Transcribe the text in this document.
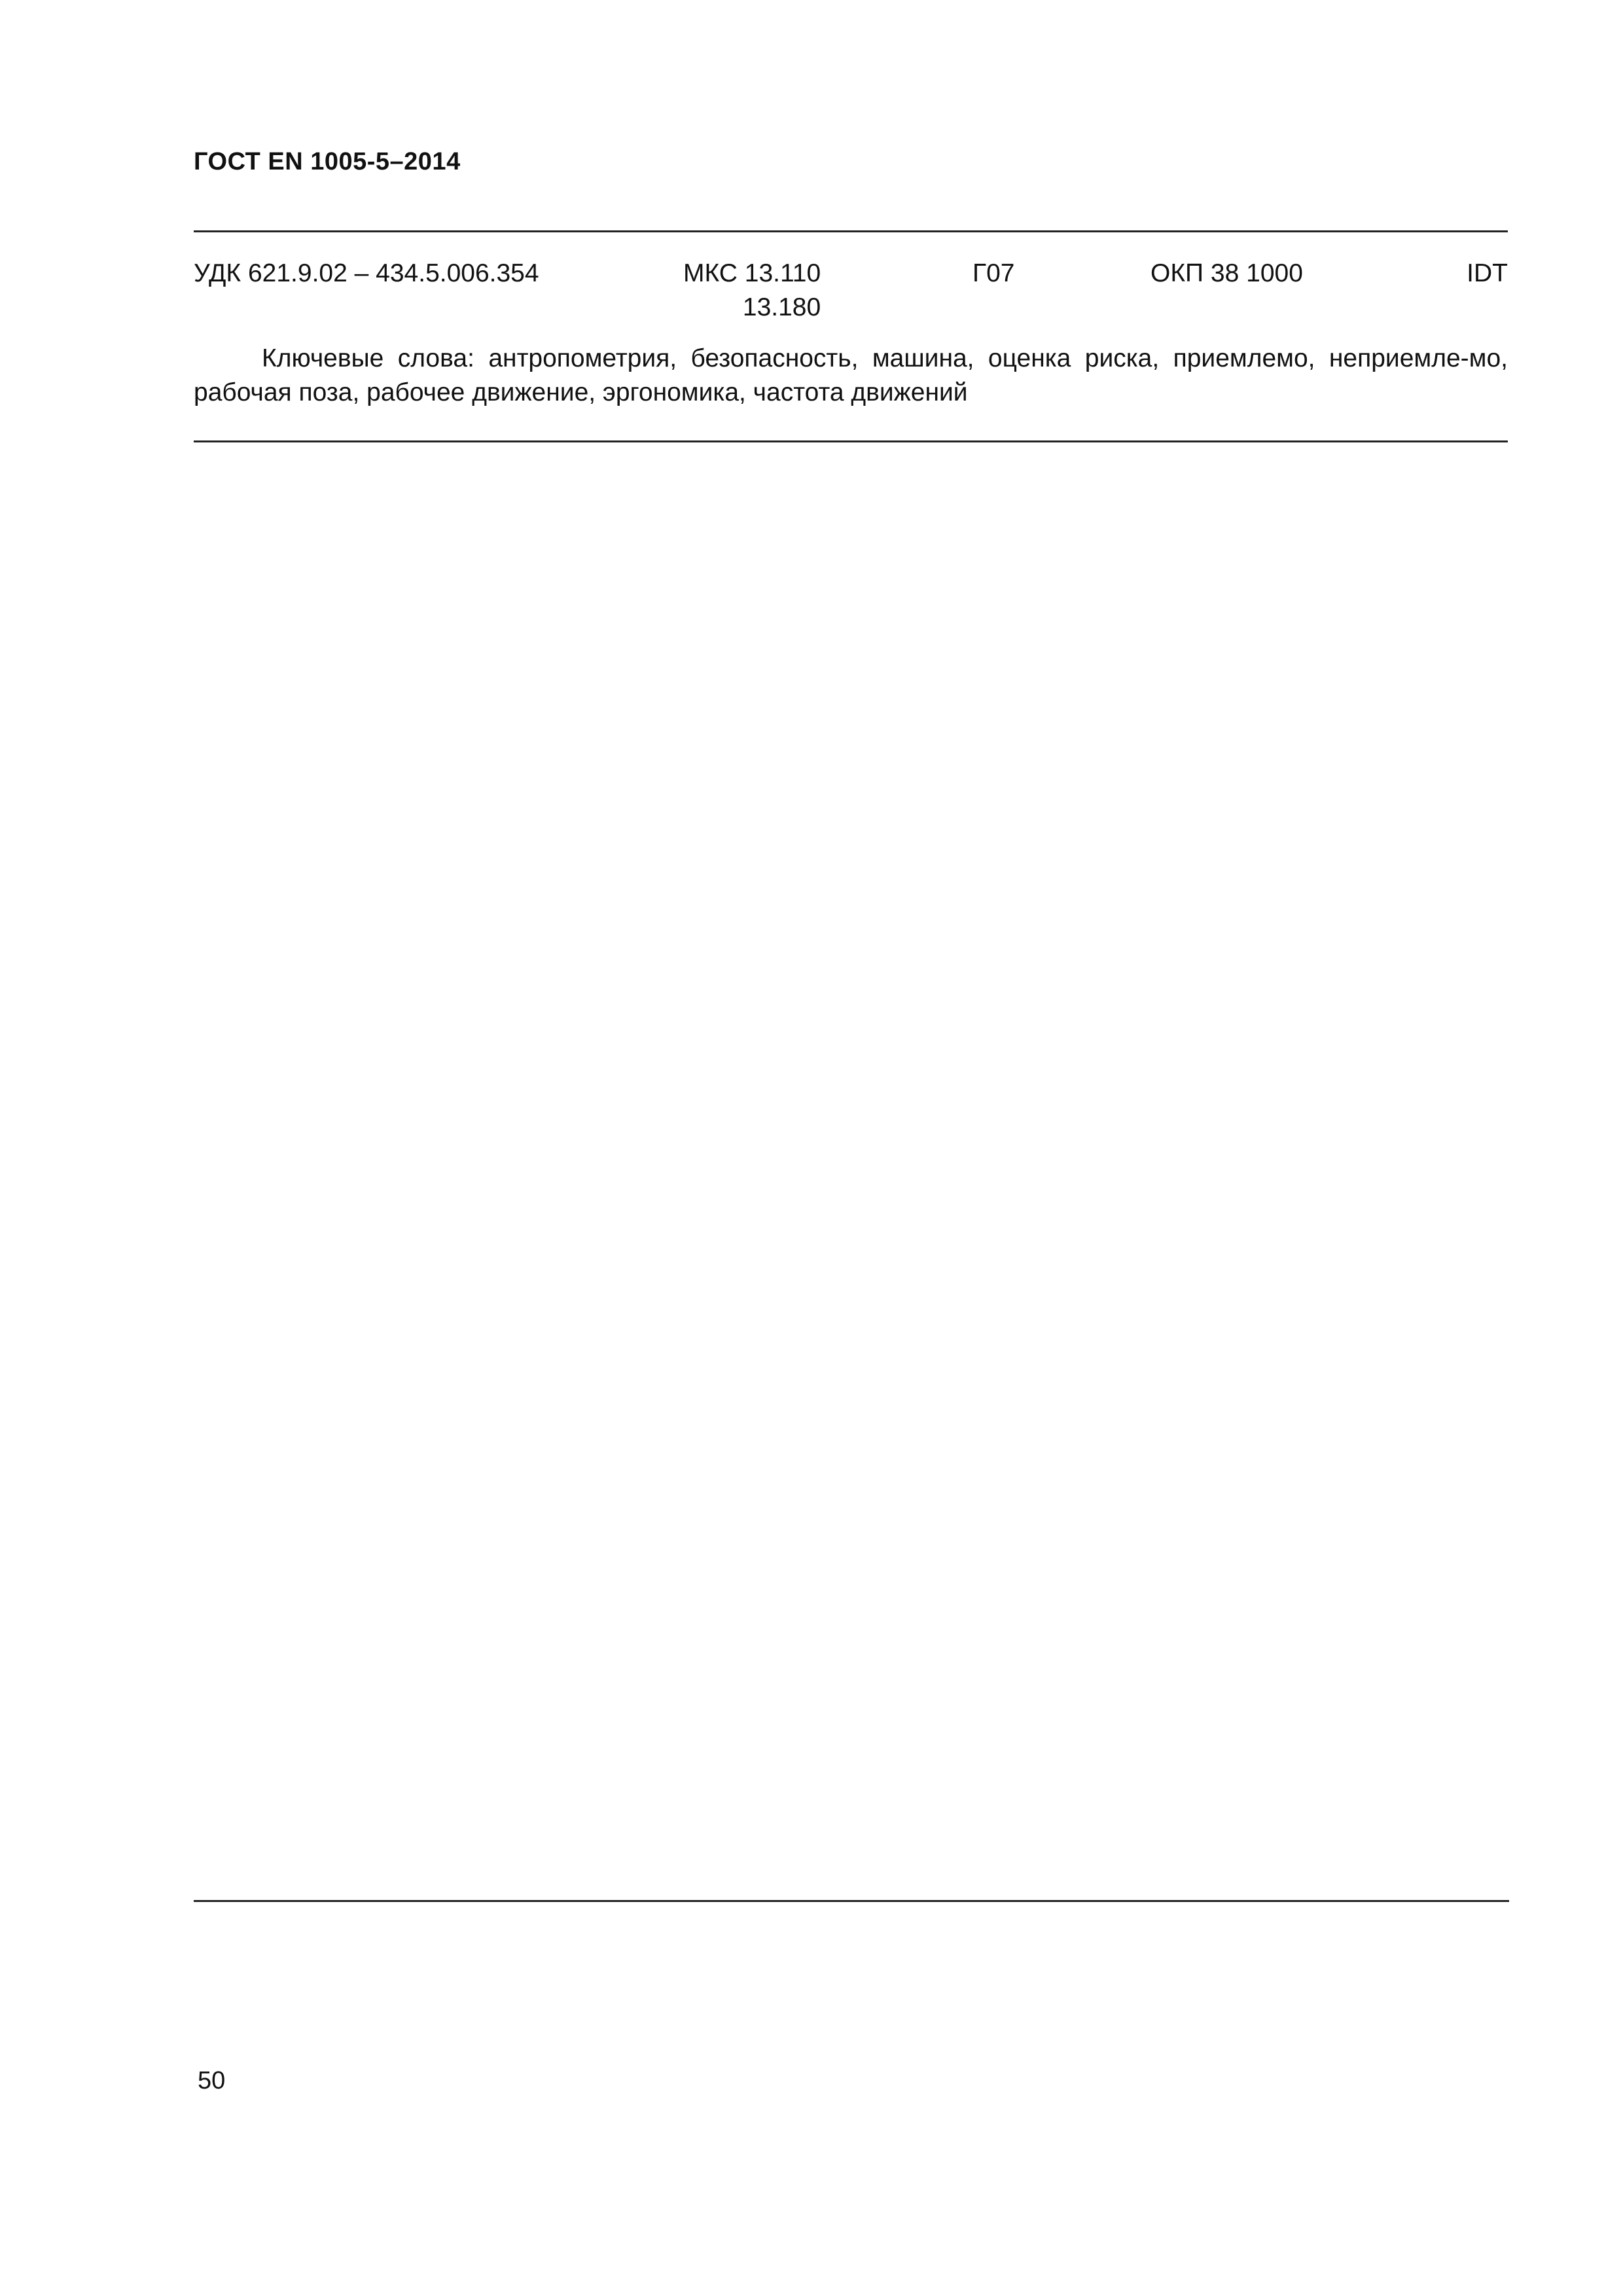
ГОСТ EN 1005-5–2014
УДК 621.9.02 – 434.5.006.354	МКС 13.110
13.180
Г07	ОКП 38 1000	IDT
Ключевые слова: антропометрия, безопасность, машина, оценка риска, приемлемо, неприемле-мо, рабочая поза, рабочее движение, эргономика, частота движений
50
